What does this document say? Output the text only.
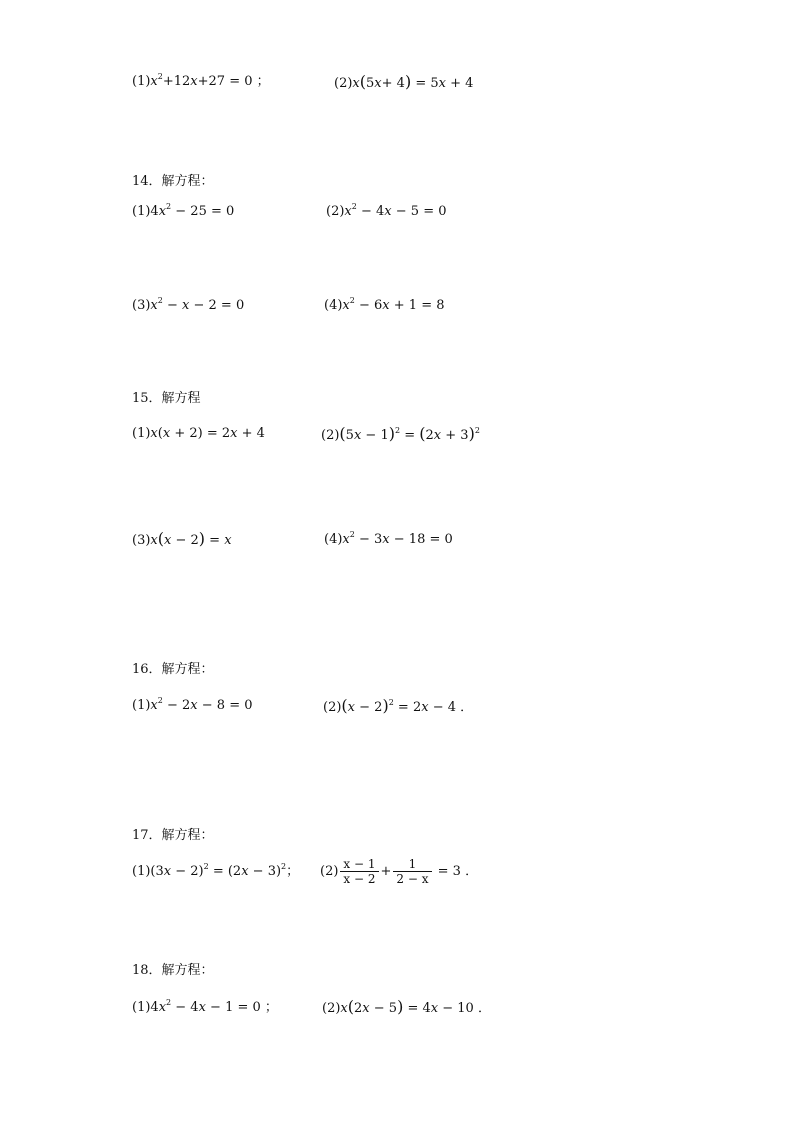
$(1)x^2+12x+27 = 0$ ；	(2)x(5x+ 4) = 5x + 4
14．解方程：
$(1)4x^2 - 25 = 0$	$(2)x^2 - 4x - 5 = 0$
$(3)x^2 - x - 2 = 0$	$(4)x^2 - 6x + 1 = 8$
15．解方程
(1)x(x + 2) = 2x + 4	$(2)(5x - 1)^2 = (2x + 3)^2$
(3)x(x − 2) = x	$(4)x^2 - 3x - 18 = 0$
16．解方程：
$(1)x^2 - 2x - 8 = 0$	$(2)(x - 2)^2 = 2x - 4$ ．
17．解方程：
$(1)(3x - 2)^2 = (2x - 3)^2$； $(2) \frac{x - 1}{x - 2} + \frac{1}{2 - x} = 3$ ．
18．解方程：
$(1)4x^2 - 4x - 1 = 0$ ；	(2)x(2x − 5) = 4x − 10 ．
